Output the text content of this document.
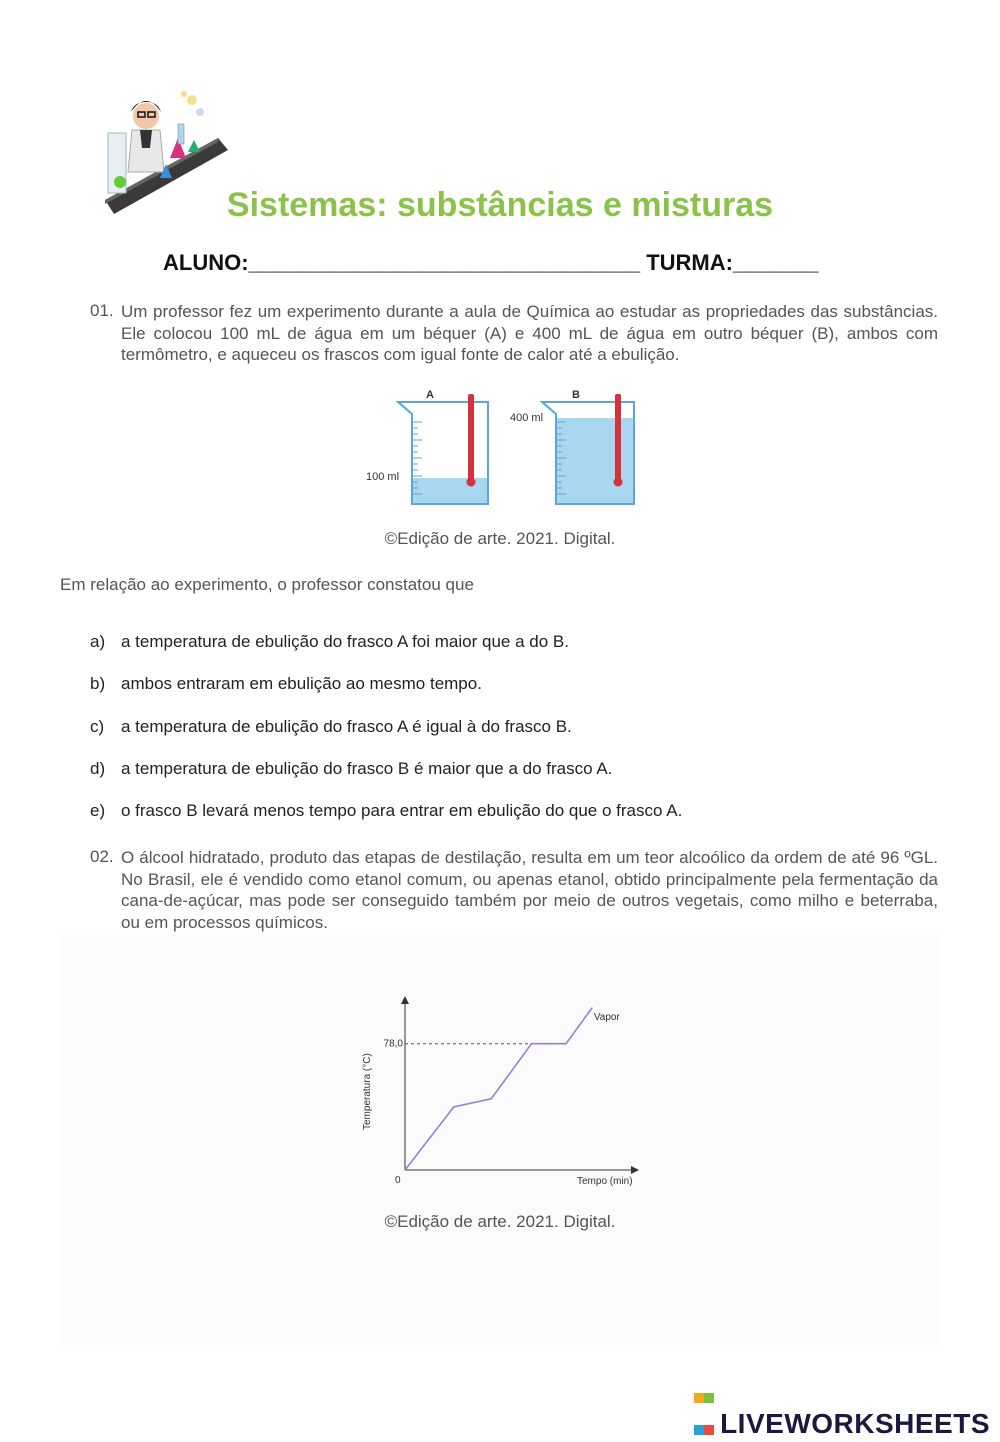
Sistemas: substâncias e misturas
ALUNO:________________________________ TURMA:_______
01. Um professor fez um experimento durante a aula de Química ao estudar as propriedades das substâncias. Ele colocou 100 mL de água em um béquer (A) e 400 mL de água em outro béquer (B), ambos com termômetro, e aqueceu os frascos com igual fonte de calor até a ebulição.
A
100 ml
B
400 ml
©Edição de arte. 2021. Digital.
Em relação ao experimento, o professor constatou que
a) a temperatura de ebulição do frasco A foi maior que a do B.
b) ambos entraram em ebulição ao mesmo tempo.
c) a temperatura de ebulição do frasco A é igual à do frasco B.
d) a temperatura de ebulição do frasco B é maior que a do frasco A.
e) o frasco B levará menos tempo para entrar em ebulição do que o frasco A.
02. O álcool hidratado, produto das etapas de destilação, resulta em um teor alcoólico da ordem de até 96 ºGL. No Brasil, ele é vendido como etanol comum, ou apenas etanol, obtido principalmente pela fermentação da cana-de-açúcar, mas pode ser conseguido também por meio de outros vegetais, como milho e beterraba, ou em processos químicos.
Tempo (min)
Temperatura (°C)
0
78,0
Vapor
©Edição de arte. 2021. Digital.

LIVEWORKSHEETS
